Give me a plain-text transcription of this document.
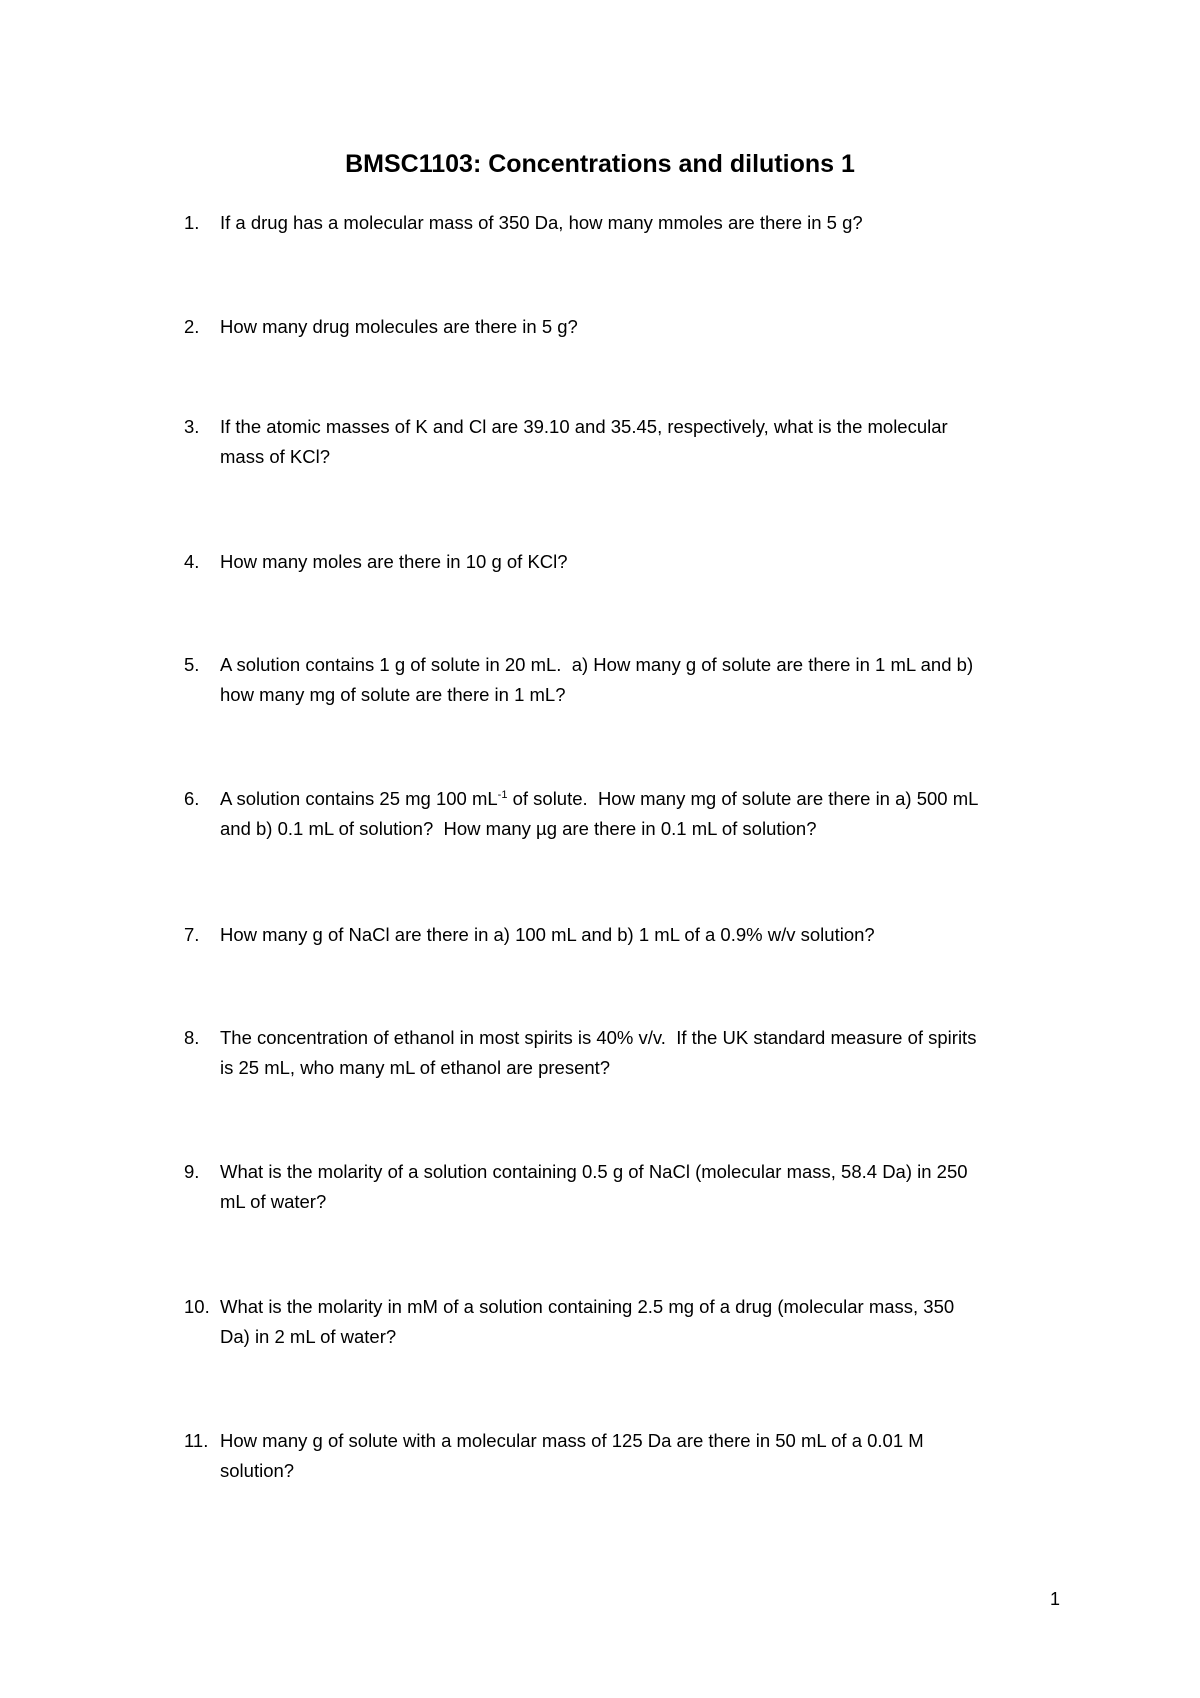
BMSC1103: Concentrations and dilutions 1
1. If a drug has a molecular mass of 350 Da, how many mmoles are there in 5 g?
2. How many drug molecules are there in 5 g?
3. If the atomic masses of K and Cl are 39.10 and 35.45, respectively, what is the molecular
mass of KCl?
4. How many moles are there in 10 g of KCl?
5. A solution contains 1 g of solute in 20 mL.  a) How many g of solute are there in 1 mL and b)
how many mg of solute are there in 1 mL?
6. A solution contains 25 mg 100 $mL^{-1}$ of solute.  How many mg of solute are there in a) 500 mL
and b) 0.1 mL of solution?  How many µg are there in 0.1 mL of solution?
7. How many g of NaCl are there in a) 100 mL and b) 1 mL of a 0.9% w/v solution?
8. The concentration of ethanol in most spirits is 40% v/v.  If the UK standard measure of spirits
is 25 mL, who many mL of ethanol are present?
9. What is the molarity of a solution containing 0.5 g of NaCl (molecular mass, 58.4 Da) in 250
mL of water?
10. What is the molarity in mM of a solution containing 2.5 mg of a drug (molecular mass, 350
Da) in 2 mL of water?
11. How many g of solute with a molecular mass of 125 Da are there in 50 mL of a 0.01 M
solution?
1
